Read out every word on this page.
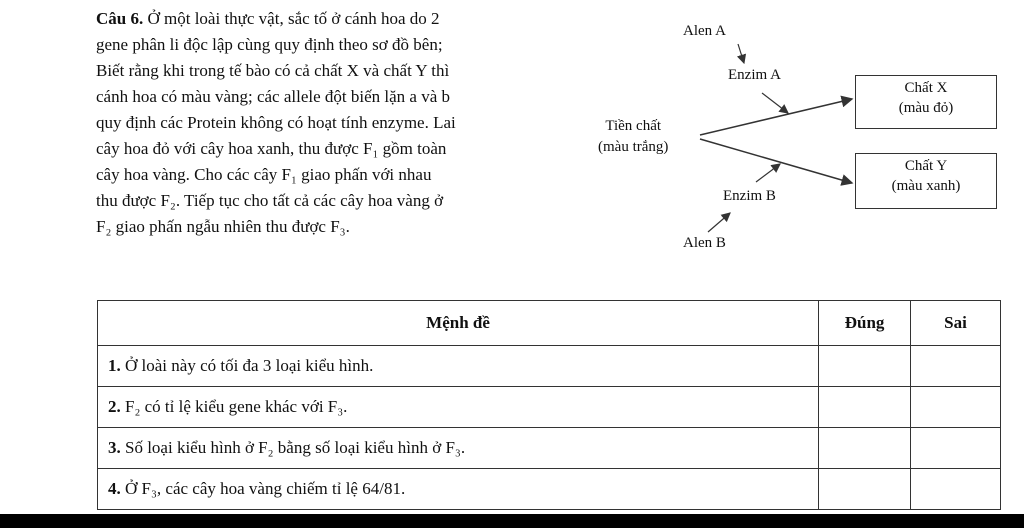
Câu 6. Ở một loài thực vật, sắc tố ở cánh hoa do 2
gene phân li độc lập cùng quy định theo sơ đồ bên;
Biết rằng khi trong tế bào có cả chất X và chất Y thì
cánh hoa có màu vàng; các allele đột biến lặn a và b
quy định các Protein không có hoạt tính enzyme. Lai
cây hoa đỏ với cây hoa xanh, thu được F₁ gồm toàn
cây hoa vàng. Cho các cây F₁ giao phấn với nhau
thu được F₂. Tiếp tục cho tất cả các cây hoa vàng ở
F₂ giao phấn ngẫu nhiên thu được F₃.
Alen A
Enzim A
Tiền chất
(màu trắng)
Chất X
(màu đỏ)
Chất Y
(màu xanh)
Enzim B
Alen B
Mệnh đề	Đúng	Sai
1. Ở loài này có tối đa 3 loại kiểu hình.		
2. F₂ có tỉ lệ kiểu gene khác với F₃.		
3. Số loại kiểu hình ở F₂ bằng số loại kiểu hình ở F₃.		
4. Ở F₃, các cây hoa vàng chiếm tỉ lệ 64/81.		
